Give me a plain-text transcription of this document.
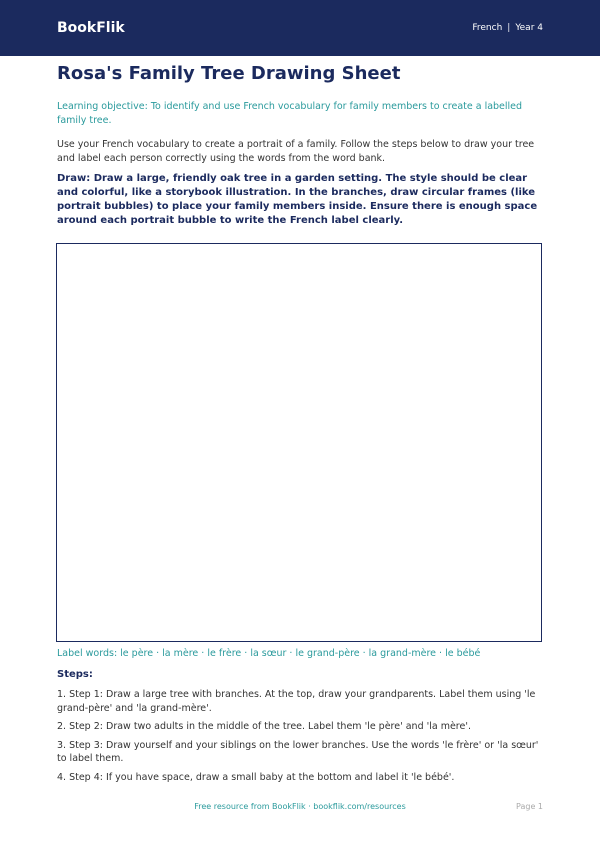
BookFlik	French | Year 4
Rosa's Family Tree Drawing Sheet

Learning objective: To identify and use French vocabulary for family members to create a labelled family tree.

Use your French vocabulary to create a portrait of a family. Follow the steps below to draw your tree and label each person correctly using the words from the word bank.

Draw: Draw a large, friendly oak tree in a garden setting. The style should be clear and colorful, like a storybook illustration. In the branches, draw circular frames (like portrait bubbles) to place your family members inside. Ensure there is enough space around each portrait bubble to write the French label clearly.

Label words: le père · la mère · le frère · la sœur · le grand-père · la grand-mère · le bébé

Steps:

1. Step 1: Draw a large tree with branches. At the top, draw your grandparents. Label them using 'le grand-père' and 'la grand-mère'.
2. Step 2: Draw two adults in the middle of the tree. Label them 'le père' and 'la mère'.
3. Step 3: Draw yourself and your siblings on the lower branches. Use the words 'le frère' or 'la sœur' to label them.
4. Step 4: If you have space, draw a small baby at the bottom and label it 'le bébé'.
Free resource from BookFlik · bookflik.com/resources	Page 1
